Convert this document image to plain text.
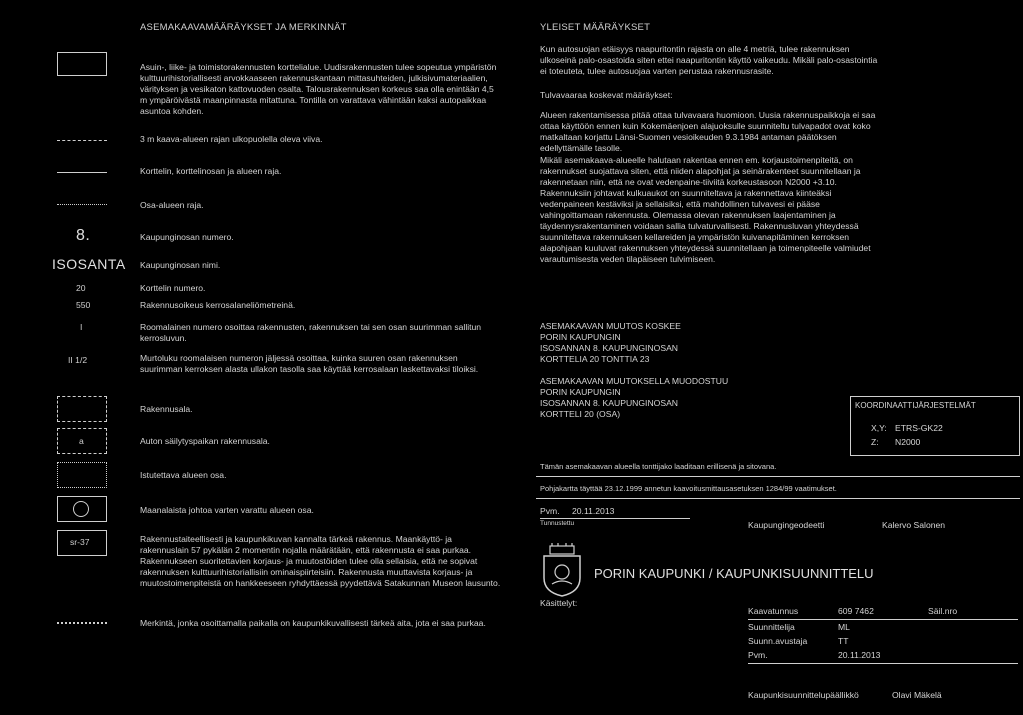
ASEMAKAAVAMÄÄRÄYKSET JA MERKINNÄT
Asuin-, liike- ja toimistorakennusten korttelialue. Uudisrakennusten tulee sopeutua ympäristön kulttuurihistoriallisesti arvokkaaseen rakennuskantaan mittasuhteiden, julkisivumateriaalien, värityksen ja vesikaton kattovuoden osalta. Talousrakennuksen korkeus saa olla enintään 4,5 m ympäröivästä maanpinnasta mitattuna. Tontilla on varattava vähintään kaksi autopaikkaa asuntoa kohden.
3 m kaava-alueen rajan ulkopuolella oleva viiva.
Korttelin, korttelinosan ja alueen raja.
Osa-alueen raja.
8.	Kaupunginosan numero.
ISOSANTA Kaupunginosan nimi.
20	Korttelin numero.
550	Rakennusoikeus kerrosalaneliömetreinä.
I	Roomalainen numero osoittaa rakennusten, rakennuksen tai sen osan suurimman sallitun kerrosluvun.
II 1/2	Murtoluku roomalaisen numeron jäljessä osoittaa, kuinka suuren osan rakennuksen suurimman kerroksen alasta ullakon tasolla saa käyttää kerrosalaan laskettavaksi tiloiksi.
Rakennusala.
a	Auton säilytyspaikan rakennusala.
Istutettava alueen osa.
Maanalaista johtoa varten varattu alueen osa.
sr-37	Rakennustaiteellisesti ja kaupunkikuvan kannalta tärkeä rakennus. Maankäyttö- ja rakennuslain 57 pykälän 2 momentin nojalla määrätään, että rakennusta ei saa purkaa. Rakennukseen suoritettavien korjaus- ja muutostöiden tulee olla sellaisia, että ne sopivat rakennuksen kulttuurihistoriallisiin ominaispiirteisiin. Rakennusta muuttavista korjaus- ja muutostoimenpiteistä on hankkeeseen ryhdyttäessä pyydettävä Satakunnan Museon lausunto.
Merkintä, jonka osoittamalla paikalla on kaupunkikuvallisesti tärkeä aita, jota ei saa purkaa.
YLEISET MÄÄRÄYKSET
Kun autosuojan etäisyys naapuritontin rajasta on alle 4 metriä, tulee rakennuksen ulkoseinä palo-osastoida siten ettei naapuritontin käyttö vaikeudu. Mikäli palo-osastointia ei toteuteta, tulee autosuojaa varten perustaa rakennusrasite.
Tulvavaaraa koskevat määräykset:
Alueen rakentamisessa pitää ottaa tulvavaara huomioon. Uusia rakennuspaikkoja ei saa ottaa käyttöön ennen kuin Kokemäenjoen alajuoksulle suunniteltu tulvapadot ovat koko matkaltaan korjattu Länsi-Suomen vesioikeuden 9.3.1984 antaman päätöksen edellyttämälle tasolle.
Mikäli asemakaava-alueelle halutaan rakentaa ennen em. korjaustoimenpiteitä, on rakennukset suojattava siten, että niiden alapohjat ja seinärakenteet suunnitellaan ja rakennetaan niin, että ne ovat vedenpaine-tiiviitä korkeustasoon N2000 +3.10. Rakennuksiin johtavat kulkuaukot on suunniteltava ja rakennettava kiinteäksi vedenpaineen kestäviksi ja sellaisiksi, että mahdollinen tulvavesi ei pääse vahingoittamaan rakennusta. Olemassa olevan rakennuksen laajentaminen ja täydennysrakentaminen voidaan sallia tulvaturvallisesti. Rakennusluvan yhteydessä suunniteltava rakennuksen kellareiden ja ympäristön kuivanapitäminen kerroksen alapohjaan kuuluvat rakennuksen yhteydessä suunnitellaan ja toimenpiteelle valmiudet varautumisesta veden tilapäiseen tulvimiseen.
ASEMAKAAVAN MUUTOS KOSKEE
PORIN KAUPUNGIN
ISOSANNAN 8. KAUPUNGINOSAN
KORTTELIA 20 TONTTIA 23
ASEMAKAAVAN MUUTOKSELLA MUODOSTUU
PORIN KAUPUNGIN
ISOSANNAN 8. KAUPUNGINOSAN
KORTTELI 20 (OSA)
KOORDINAATTIJÄRJESTELMÄT
X,Y: ETRS-GK22
Z: N2000
Tämän asemakaavan alueella tonttijako laaditaan erillisenä ja sitovana.
Pohjakartta täyttää 23.12.1999 annetun kaavoitusmittausasetuksen 1284/99 vaatimukset.
Pvm. 20.11.2013
Tunnustettu	Kaupungingeodeetti	Kalervo Salonen
PORIN KAUPUNKI / KAUPUNKISUUNNITTELU
Käsittelyt:
Kaavatunnus	609 7462	Säil.nro
Suunnittelija	ML
Suunn.avustaja	TT
Pvm.	20.11.2013
Kaupunkisuunnittelupäällikkö	Olavi Mäkelä
